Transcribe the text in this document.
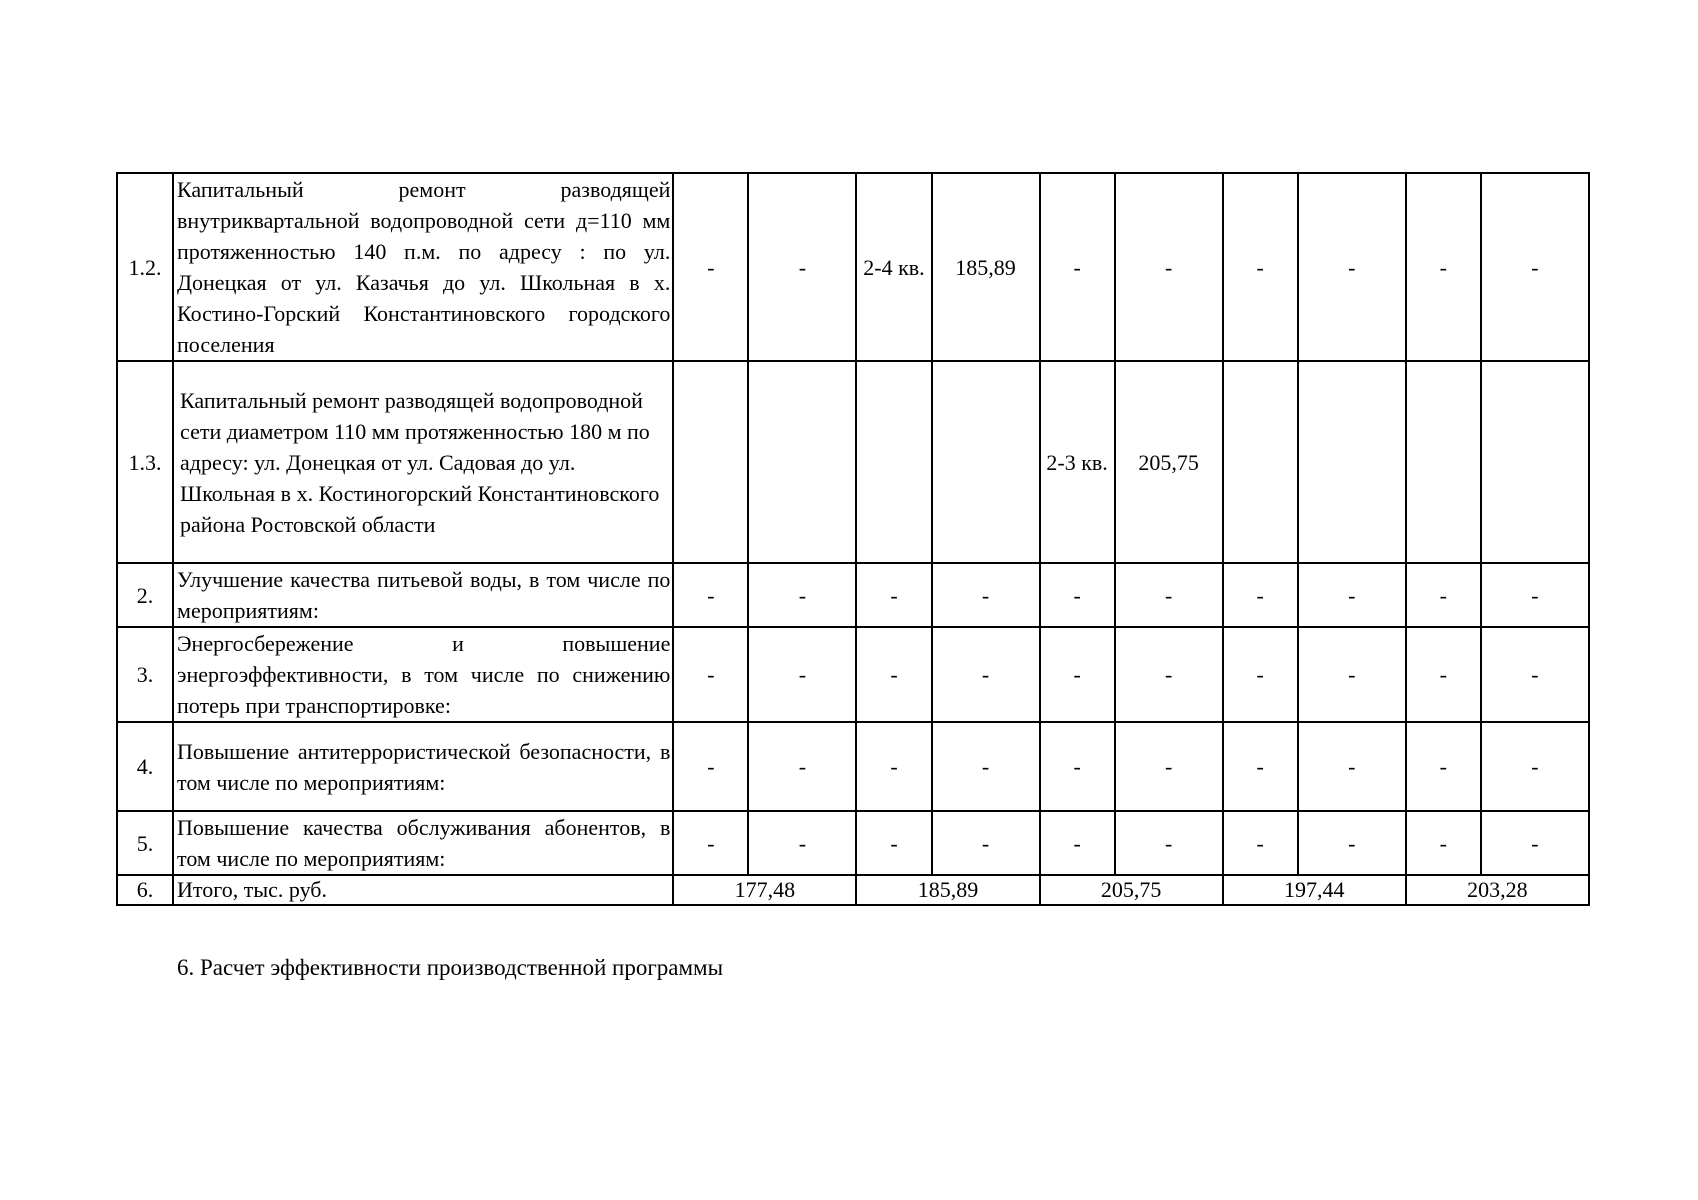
1.2.	Капитальный ремонт разводящей внутриквартальной водопроводной сети д=110 мм протяженностью 140 п.м. по адресу : по ул. Донецкая от ул. Казачья до ул. Школьная в х. Костино-Горский Константиновского городского поселения	-	-	2-4 кв.	185,89	-	-	-	-	-	-
1.3.	Капитальный ремонт разводящей водопроводной сети диаметром 110 мм протяженностью 180 м по адресу: ул. Донецкая от ул. Садовая до ул. Школьная в х. Костиногорский Константиновского района Ростовской области					2-3 кв.	205,75				
2.	Улучшение качества питьевой воды, в том числе по мероприятиям:	-	-	-	-	-	-	-	-	-	-
3.	Энергосбережение и повышение энергоэффективности, в том числе по снижению потерь при транспортировке:	-	-	-	-	-	-	-	-	-	-
4.	Повышение антитеррористической безопасности, в том числе по мероприятиям:	-	-	-	-	-	-	-	-	-	-
5.	Повышение качества обслуживания абонентов, в том числе по мероприятиям:	-	-	-	-	-	-	-	-	-	-
6.	Итого, тыс. руб.	177,48		185,89		205,75		197,44		203,28	

6. Расчет эффективности производственной программы
